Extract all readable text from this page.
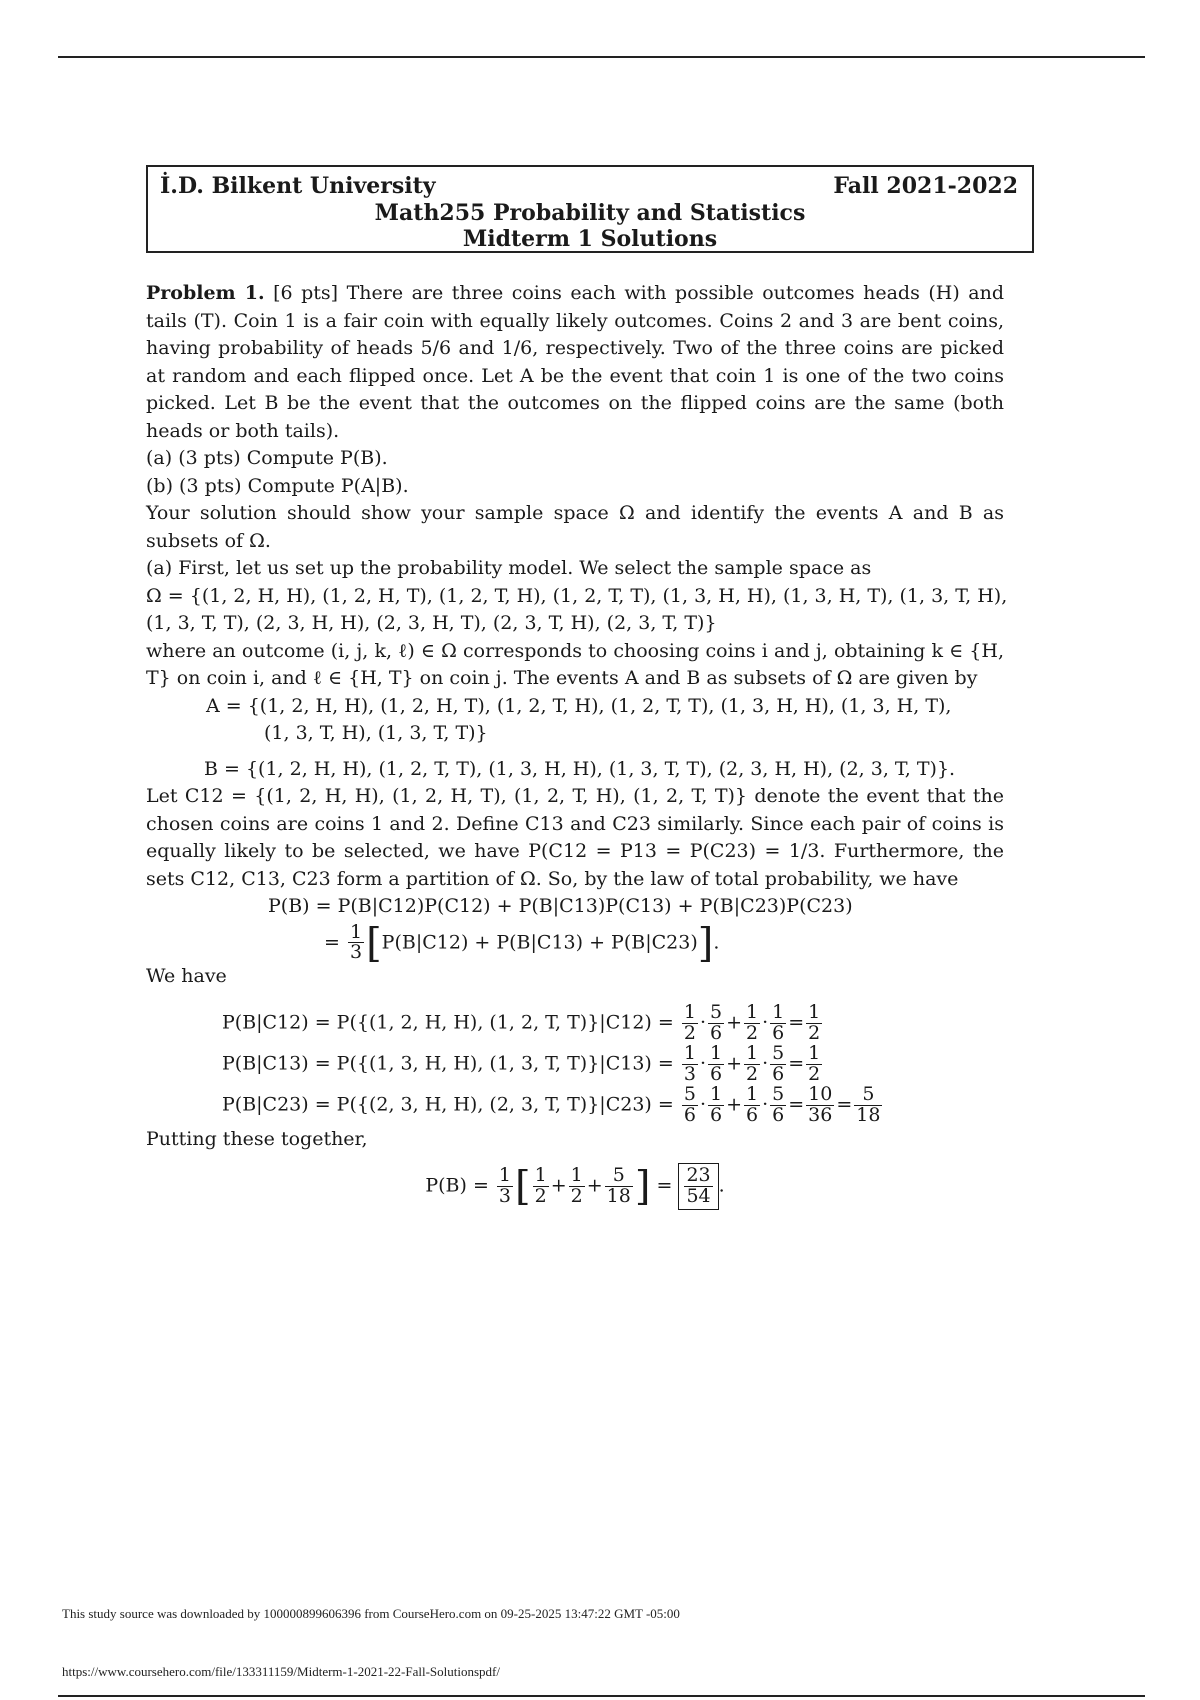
İ.D. Bilkent University	Fall 2021-2022
Math255 Probability and Statistics
Midterm 1 Solutions

Problem 1. [6 pts] There are three coins each with possible outcomes heads (H) and tails (T). Coin 1 is a fair coin with equally likely outcomes. Coins 2 and 3 are bent coins, having probability of heads 5/6 and 1/6, respectively. Two of the three coins are picked at random and each flipped once. Let A be the event that coin 1 is one of the two coins picked. Let B be the event that the outcomes on the flipped coins are the same (both heads or both tails).

(a) (3 pts) Compute P(B).

(b) (3 pts) Compute P(A|B).

Your solution should show your sample space Ω and identify the events A and B as subsets of Ω.

(a) First, let us set up the probability model. We select the sample space as

Ω = {(1, 2, H, H), (1, 2, H, T), (1, 2, T, H), (1, 2, T, T), (1, 3, H, H), (1, 3, H, T), (1, 3, T, H),

(1, 3, T, T), (2, 3, H, H), (2, 3, H, T), (2, 3, T, H), (2, 3, T, T)}

where an outcome (i, j, k, ℓ) ∈ Ω corresponds to choosing coins i and j, obtaining k ∈ {H, T} on coin i, and ℓ ∈ {H, T} on coin j. The events A and B as subsets of Ω are given by

A = {(1, 2, H, H), (1, 2, H, T), (1, 2, T, H), (1, 2, T, T), (1, 3, H, H), (1, 3, H, T),

(1, 3, T, H), (1, 3, T, T)}

B = {(1, 2, H, H), (1, 2, T, T), (1, 3, H, H), (1, 3, T, T), (2, 3, H, H), (2, 3, T, T)}.

Let C12 = {(1, 2, H, H), (1, 2, H, T), (1, 2, T, H), (1, 2, T, T)} denote the event that the chosen coins are coins 1 and 2. Define C13 and C23 similarly. Since each pair of coins is equally likely to be selected, we have P(C12 = P13 = P(C23) = 1/3. Furthermore, the sets C12, C13, C23 form a partition of Ω. So, by the law of total probability, we have

P(B) = P(B|C12)P(C12) + P(B|C13)P(C13) + P(B|C23)P(C23)

= $\frac{1}{3} [P(B|C12) + P(B|C13) + P(B|C23)]$.

We have

P(B|C12) = P({(1, 2, H, H), (1, 2, T, $T)\}|C12) = \frac{1}{2} \cdot \frac{5}{6} + \frac{1}{2} \cdot \frac{1}{6} = \frac{1}{2}$
P(B|C13) = P({(1, 3, H, H), (1, 3, T, $T)\}|C13) = \frac{1}{3} \cdot \frac{1}{6} + \frac{1}{2} \cdot \frac{5}{6} = \frac{1}{2}$
P(B|C23) = P({(2, 3, H, H), (2, 3, T, $T)\}|C23) = \frac{5}{6} \cdot \frac{1}{6} + \frac{1}{6} \cdot \frac{5}{6} = \frac{10}{36} = \frac{5}{18}$

Putting these together,

$P(B) = \frac{1}{3}$ [ $\frac{1}{2} + \frac{1}{2} + \frac{5}{18}$ ] = $\frac{23}{54}$ .
This study source was downloaded by 100000899606396 from CourseHero.com on 09-25-2025 13:47:22 GMT -05:00
https://www.coursehero.com/file/133311159/Midterm-1-2021-22-Fall-Solutionspdf/
